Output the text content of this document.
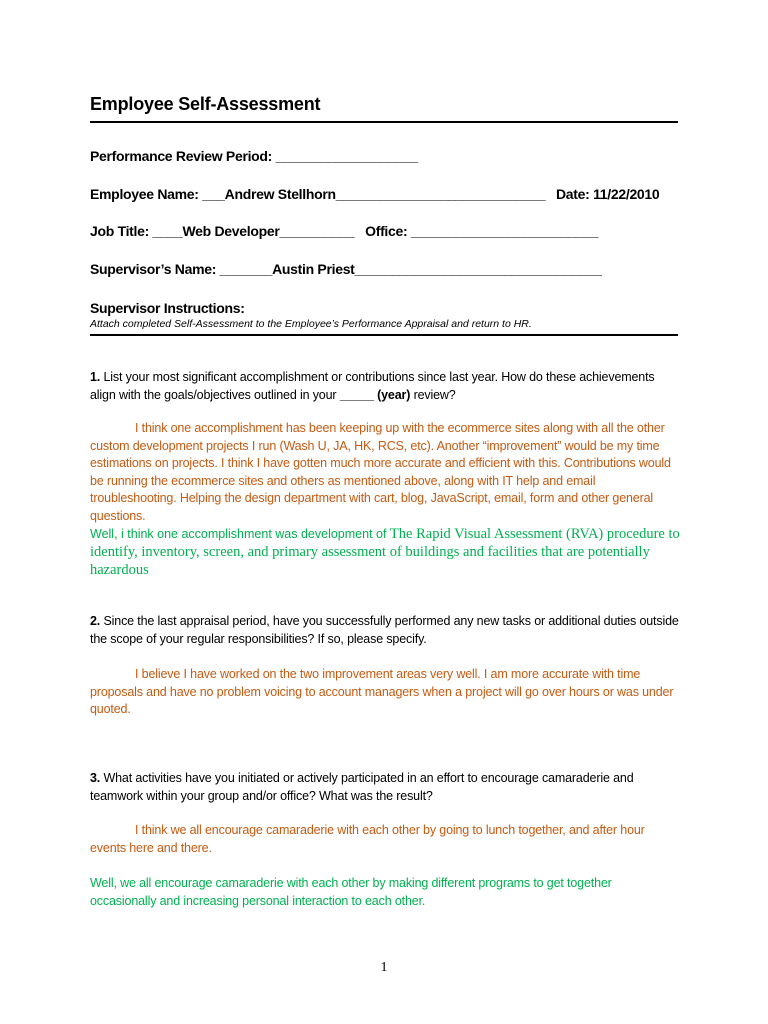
Employee Self-Assessment
Performance Review Period: ___________________
Employee Name: ___Andrew Stellhorn____________________________ Date: 11/22/2010
Job Title: ____Web Developer__________   Office: _________________________
Supervisor’s Name: _______Austin Priest_________________________________
Supervisor Instructions:
Attach completed Self-Assessment to the Employee’s Performance Appraisal and return to HR.
1. List your most significant accomplishment or contributions since last year. How do these achievements align with the goals/objectives outlined in your _____ (year) review?
I think one accomplishment has been keeping up with the ecommerce sites along with all the other custom development projects I run (Wash U, JA, HK, RCS, etc). Another “improvement” would be my time estimations on projects. I think I have gotten much more accurate and efficient with this. Contributions would be running the ecommerce sites and others as mentioned above, along with IT help and email troubleshooting. Helping the design department with cart, blog, JavaScript, email, form and other general questions.
Well, i think one accomplishment was development of The Rapid Visual Assessment (RVA) procedure to identify, inventory, screen, and primary assessment of buildings and facilities that are potentially hazardous
2. Since the last appraisal period, have you successfully performed any new tasks or additional duties outside the scope of your regular responsibilities? If so, please specify.
I believe I have worked on the two improvement areas very well. I am more accurate with time proposals and have no problem voicing to account managers when a project will go over hours or was under quoted.
3. What activities have you initiated or actively participated in an effort to encourage camaraderie and teamwork within your group and/or office? What was the result?
I think we all encourage camaraderie with each other by going to lunch together, and after hour events here and there.
Well, we all encourage camaraderie with each other by making different programs to get together occasionally and increasing personal interaction to each other.
1
